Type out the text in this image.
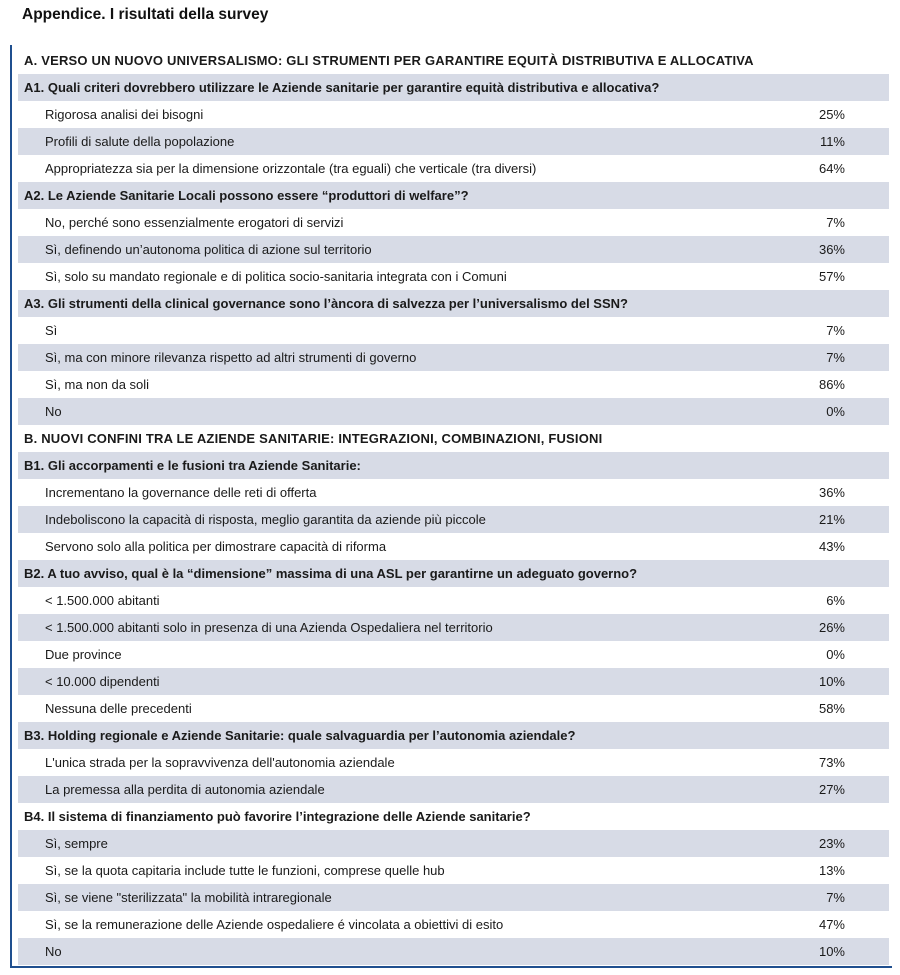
Appendice. I risultati della survey
A. VERSO UN NUOVO UNIVERSALISMO: GLI STRUMENTI PER GARANTIRE EQUITÀ DISTRIBUTIVA E ALLOCATIVA
A1. Quali criteri dovrebbero utilizzare le Aziende sanitarie per garantire equità distributiva e allocativa?
Rigorosa analisi dei bisogni	25%
Profili di salute della popolazione	11%
Appropriatezza sia per la dimensione orizzontale (tra eguali) che verticale (tra diversi)	64%
A2. Le Aziende Sanitarie Locali possono essere “produttori di welfare”?
No, perché sono essenzialmente erogatori di servizi	7%
Sì, definendo un’autonoma politica di azione sul territorio	36%
Sì, solo su mandato regionale e di politica socio-sanitaria integrata con i Comuni	57%
A3. Gli strumenti della clinical governance sono l’àncora di salvezza per l’universalismo del SSN?
Sì	7%
Sì, ma con minore rilevanza rispetto ad altri strumenti di governo	7%
Sì, ma non da soli	86%
No	0%
B. NUOVI CONFINI TRA LE AZIENDE SANITARIE: INTEGRAZIONI, COMBINAZIONI, FUSIONI
B1. Gli accorpamenti e le fusioni tra Aziende Sanitarie:
Incrementano la governance delle reti di offerta	36%
Indeboliscono la capacità di risposta, meglio garantita da aziende più piccole	21%
Servono solo alla politica per dimostrare capacità di riforma	43%
B2. A tuo avviso, qual è la “dimensione” massima di una ASL per garantirne un adeguato governo?
< 1.500.000 abitanti	6%
< 1.500.000 abitanti solo in presenza di una Azienda Ospedaliera nel territorio	26%
Due province	0%
< 10.000 dipendenti	10%
Nessuna delle precedenti	58%
B3. Holding regionale e Aziende Sanitarie: quale salvaguardia per l’autonomia aziendale?
L'unica strada per la sopravvivenza dell'autonomia aziendale	73%
La premessa alla perdita di autonomia aziendale	27%
B4. Il sistema di finanziamento può favorire l’integrazione delle Aziende sanitarie?
Sì, sempre	23%
Sì, se la quota capitaria include tutte le funzioni, comprese quelle hub	13%
Sì, se viene "sterilizzata" la mobilità intraregionale	7%
Sì, se la remunerazione delle Aziende ospedaliere é vincolata a obiettivi di esito	47%
No	10%
